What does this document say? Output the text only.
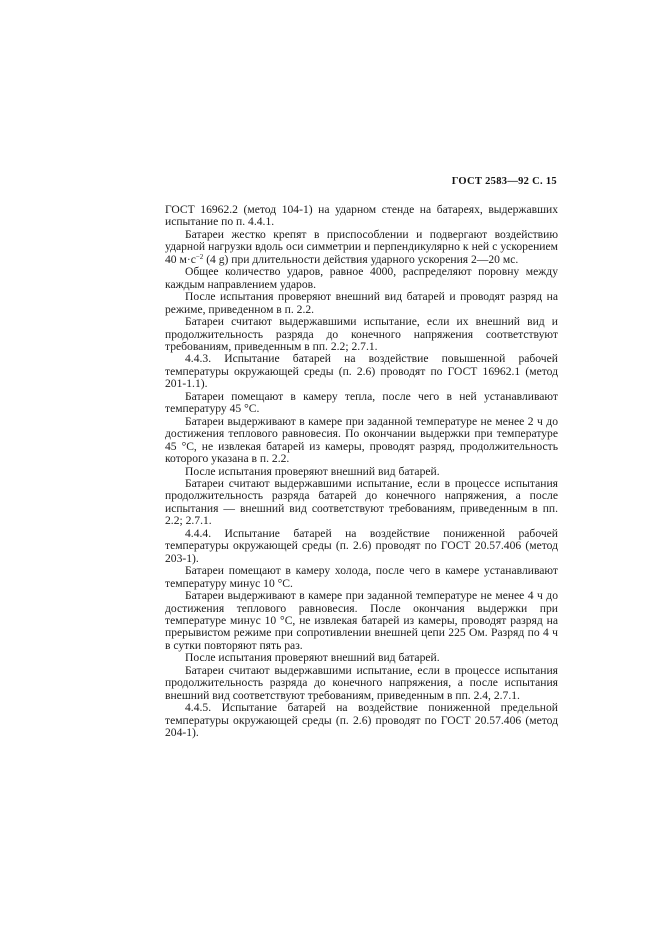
ГОСТ 2583—92 С. 15

ГОСТ 16962.2 (метод 104-1) на ударном стенде на батареях, выдержавших испытание по п. 4.4.1.

Батареи жестко крепят в приспособлении и подвергают воздействию ударной нагрузки вдоль оси симметрии и перпендикулярно к ней с ускорением 40 $м\cdot с^{-2}$ (4 g) при длительности действия ударного ускорения 2—20 мс.

Общее количество ударов, равное 4000, распределяют поровну между каждым направлением ударов.

После испытания проверяют внешний вид батарей и проводят разряд на режиме, приведенном в п. 2.2.

Батареи считают выдержавшими испытание, если их внешний вид и продолжительность разряда до конечного напряжения соответствуют требованиям, приведенным в пп. 2.2; 2.7.1.

4.4.3. Испытание батарей на воздействие повышенной рабочей температуры окружающей среды (п. 2.6) проводят по ГОСТ 16962.1 (метод 201-1.1).

Батареи помещают в камеру тепла, после чего в ней устанавливают температуру 45 °С.

Батареи выдерживают в камере при заданной температуре не менее 2 ч до достижения теплового равновесия. По окончании выдержки при температуре 45 °С, не извлекая батарей из камеры, проводят разряд, продолжительность которого указана в п. 2.2.

После испытания проверяют внешний вид батарей.

Батареи считают выдержавшими испытание, если в процессе испытания продолжительность разряда батарей до конечного напряжения, а после испытания — внешний вид соответствуют требованиям, приведенным в пп. 2.2; 2.7.1.

4.4.4. Испытание батарей на воздействие пониженной рабочей температуры окружающей среды (п. 2.6) проводят по ГОСТ 20.57.406 (метод 203-1).

Батареи помещают в камеру холода, после чего в камере устанавливают температуру минус 10 °С.

Батареи выдерживают в камере при заданной температуре не менее 4 ч до достижения теплового равновесия. После окончания выдержки при температуре минус 10 °С, не извлекая батарей из камеры, проводят разряд на прерывистом режиме при сопротивлении внешней цепи 225 Ом. Разряд по 4 ч в сутки повторяют пять раз.

После испытания проверяют внешний вид батарей.

Батареи считают выдержавшими испытание, если в процессе испытания продолжительность разряда до конечного напряжения, а после испытания внешний вид соответствуют требованиям, приведенным в пп. 2.4, 2.7.1.

4.4.5. Испытание батарей на воздействие пониженной предельной температуры окружающей среды (п. 2.6) проводят по ГОСТ 20.57.406 (метод 204-1).
